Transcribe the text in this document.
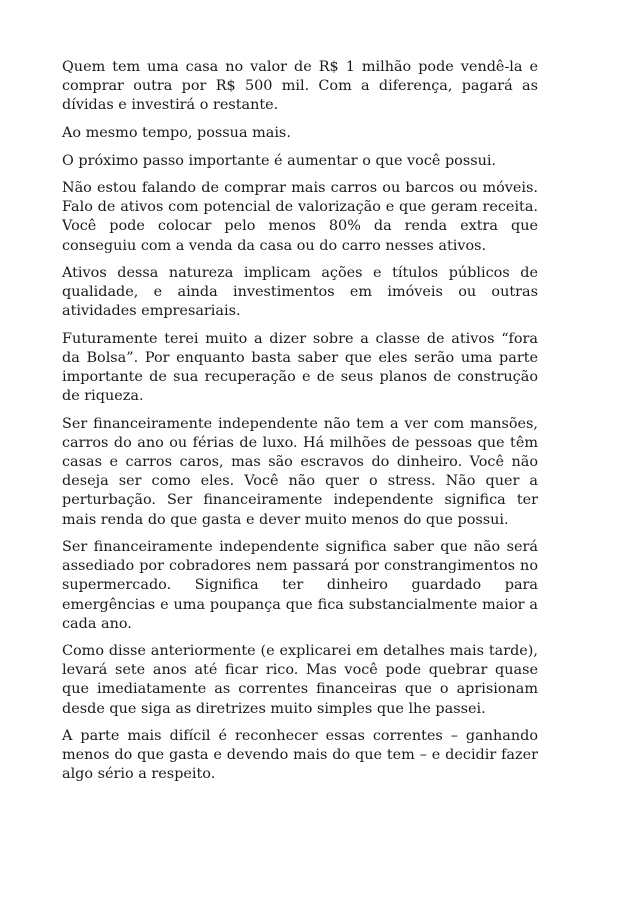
Quem tem uma casa no valor de R$ 1 milhão pode vendê-la e comprar outra por R$ 500 mil. Com a diferença, pagará as dívidas e investirá o restante.

Ao mesmo tempo, possua mais.

O próximo passo importante é aumentar o que você possui.

Não estou falando de comprar mais carros ou barcos ou móveis. Falo de ativos com potencial de valorização e que geram receita. Você pode colocar pelo menos 80% da renda extra que conseguiu com a venda da casa ou do carro nesses ativos.

Ativos dessa natureza implicam ações e títulos públicos de qualidade, e ainda investimentos em imóveis ou outras atividades empresariais.

Futuramente terei muito a dizer sobre a classe de ativos “fora da Bolsa”. Por enquanto basta saber que eles serão uma parte importante de sua recuperação e de seus planos de construção de riqueza.

Ser financeiramente independente não tem a ver com mansões, carros do ano ou férias de luxo. Há milhões de pessoas que têm casas e carros caros, mas são escravos do dinheiro. Você não deseja ser como eles. Você não quer o stress. Não quer a perturbação. Ser financeiramente independente significa ter mais renda do que gasta e dever muito menos do que possui.

Ser financeiramente independente significa saber que não será assediado por cobradores nem passará por constrangimentos no supermercado. Significa ter dinheiro guardado para emergências e uma poupança que fica substancialmente maior a cada ano.

Como disse anteriormente (e explicarei em detalhes mais tarde), levará sete anos até ficar rico. Mas você pode quebrar quase que imediatamente as correntes financeiras que o aprisionam desde que siga as diretrizes muito simples que lhe passei.

A parte mais difícil é reconhecer essas correntes – ganhando menos do que gasta e devendo mais do que tem – e decidir fazer algo sério a respeito.
